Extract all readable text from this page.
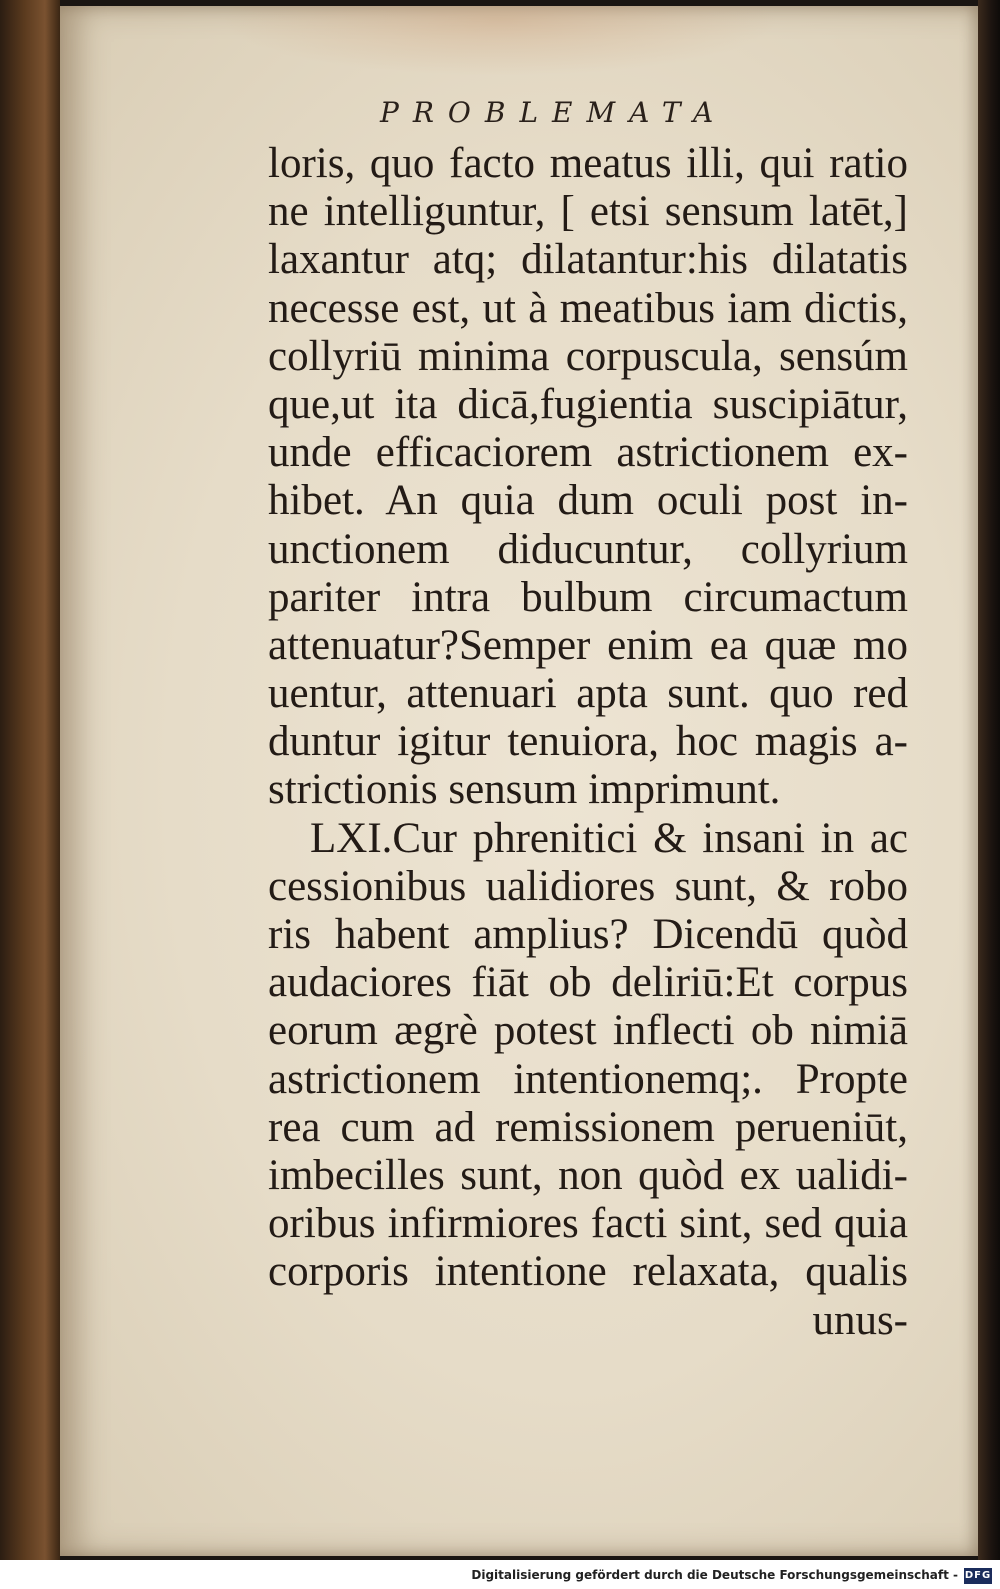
PROBLEMATA
loris, quo facto meatus illi, qui ratio
ne intelliguntur, [ etsi sensum latēt,]
laxantur atq; dilatantur:his dilatatis
necesse est, ut à meatibus iam dictis,
collyriū minima corpuscula, sensúm
que,ut ita dicā,fugientia suscipiātur,
unde efficaciorem astrictionem ex-
hibet. An quia dum oculi post in-
unctionem diducuntur, collyrium
pariter intra bulbum circumactum
attenuatur?Semper enim ea quæ mo
uentur, attenuari apta sunt. quo red
duntur igitur tenuiora, hoc magis a-
strictionis sensum imprimunt.
LXI.Cur phrenitici & insani in ac
cessionibus ualidiores sunt, & robo
ris habent amplius? Dicendū quòd
audaciores fiāt ob deliriū:Et corpus
eorum ægrè potest inflecti ob nimiā
astrictionem intentionemq;. Propte
rea cum ad remissionem perueniūt,
imbecilles sunt, non quòd ex ualidi-
oribus infirmiores facti sint, sed quia
corporis intentione relaxata, qualis
unus-
Digitalisierung gefördert durch die Deutsche Forschungsgemeinschaft - DFG
